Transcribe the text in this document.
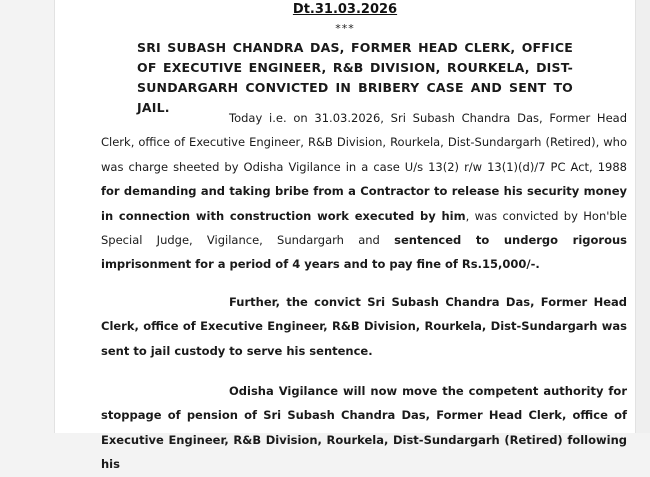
Dt.31.03.2026
***
SRI SUBASH CHANDRA DAS, FORMER HEAD CLERK, OFFICE OF EXECUTIVE ENGINEER, R&B DIVISION, ROURKELA, DIST-SUNDARGARH CONVICTED IN BRIBERY CASE AND SENT TO JAIL.
Today i.e. on 31.03.2026, Sri Subash Chandra Das, Former Head Clerk, office of Executive Engineer, R&B Division, Rourkela, Dist-Sundargarh (Retired), who was charge sheeted by Odisha Vigilance in a case U/s 13(2) r/w 13(1)(d)/7 PC Act, 1988 for demanding and taking bribe from a Contractor to release his security money in connection with construction work executed by him, was convicted by Hon'ble Special Judge, Vigilance, Sundargarh and sentenced to undergo rigorous imprisonment for a period of 4 years and to pay fine of Rs.15,000/-.
Further, the convict Sri Subash Chandra Das, Former Head Clerk, office of Executive Engineer, R&B Division, Rourkela, Dist-Sundargarh was sent to jail custody to serve his sentence.
Odisha Vigilance will now move the competent authority for stoppage of pension of Sri Subash Chandra Das, Former Head Clerk, office of Executive Engineer, R&B Division, Rourkela, Dist-Sundargarh (Retired) following his
